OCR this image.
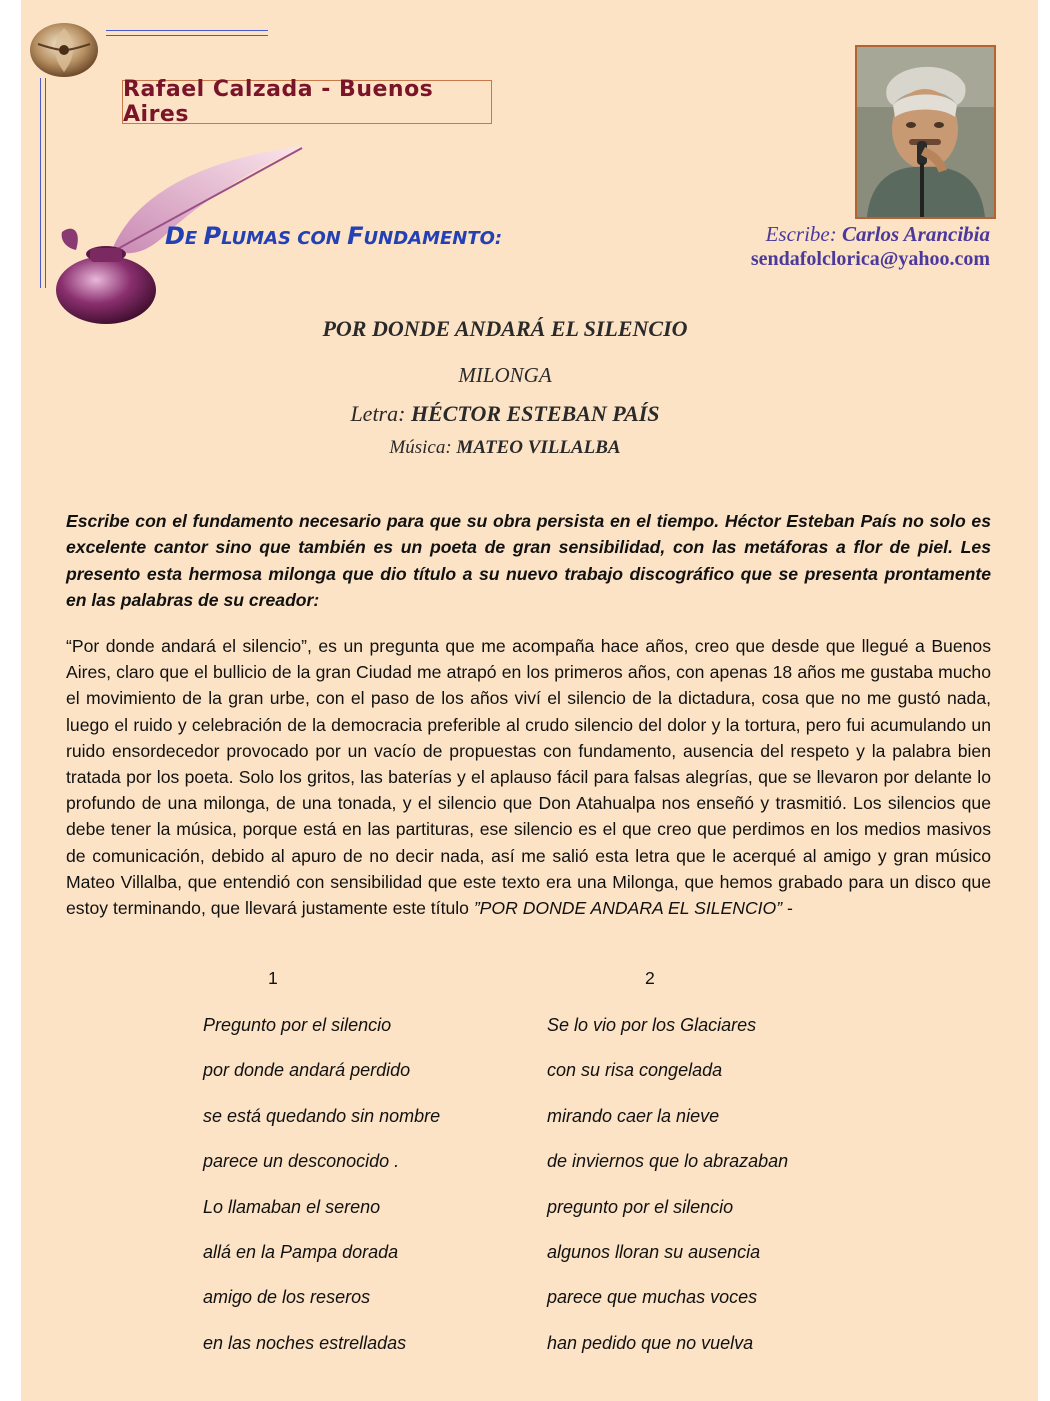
Rafael Calzada - Buenos Aires
DE PLUMAS CON FUNDAMENTO:	Escribe: Carlos Arancibia
sendafolclorica@yahoo.com
POR DONDE ANDARÁ EL SILENCIO
MILONGA
Letra: HÉCTOR ESTEBAN PAÍS
Música: MATEO VILLALBA

Escribe con el fundamento necesario para que su obra persista en el tiempo. Héctor Esteban País no solo es excelente cantor sino que también es un poeta de gran sensibilidad, con las metáforas a flor de piel. Les presento esta hermosa milonga que dio título a su nuevo trabajo discográfico que se presenta prontamente en las palabras de su creador:

“Por donde andará el silencio”, es un pregunta que me acompaña hace años, creo que desde que llegué a Buenos Aires, claro que el bullicio de la gran Ciudad me atrapó en los primeros años, con apenas 18 años me gustaba mucho el movimiento de la gran urbe, con el paso de los años viví el silencio de la dictadura, cosa que no me gustó nada, luego el ruido y celebración de la democracia preferible al crudo silencio del dolor y la tortura, pero fui acumulando un ruido ensordecedor provocado por un vacío de propuestas con fundamento, ausencia del respeto y la palabra bien tratada por los poeta. Solo los gritos, las baterías y el aplauso fácil para falsas alegrías, que se llevaron por delante lo profundo de una milonga, de una tonada, y el silencio que Don Atahualpa nos enseñó y trasmitió. Los silencios que debe tener la música, porque está en las partituras, ese silencio es el que creo que perdimos en los medios masivos de comunicación, debido al apuro de no decir nada, así me salió esta letra que le acerqué al amigo y gran músico Mateo Villalba, que entendió con sensibilidad que este texto era una Milonga, que hemos grabado para un disco que estoy terminando, que llevará justamente este título ”POR DONDE ANDARA EL SILENCIO” -

1	2
Pregunto por el silencio
por donde andará perdido
se está quedando sin nombre
parece un desconocido .
Lo llamaban el sereno
allá en la Pampa dorada
amigo de los reseros
en las noches estrelladas
Se lo vio por los Glaciares
con su risa congelada
mirando caer la nieve
de inviernos que lo abrazaban
pregunto por el silencio
algunos lloran su ausencia
parece que muchas voces
han pedido que no vuelva
